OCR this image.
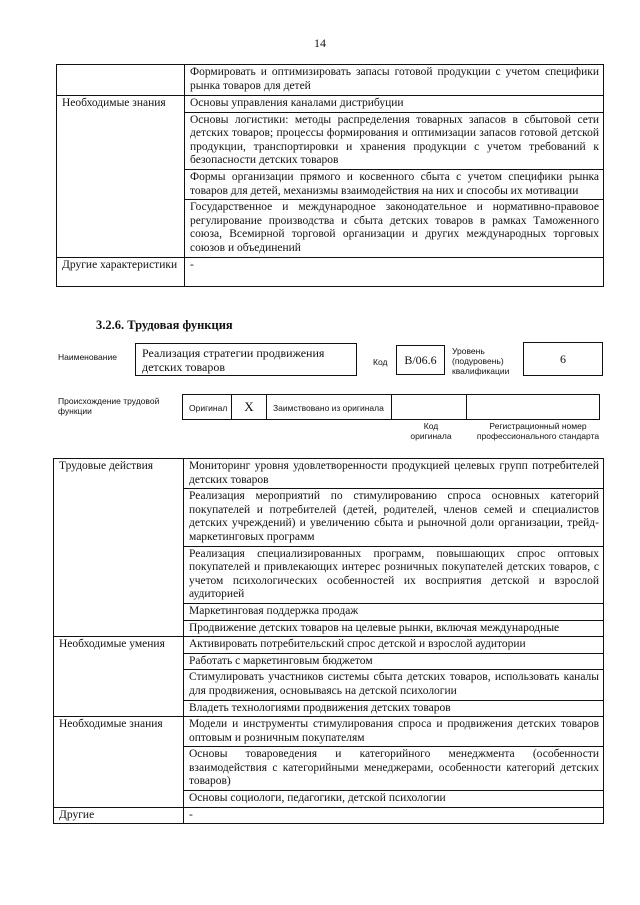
14
	Формировать и оптимизировать запасы готовой продукции с учетом специфики рынка товаров для детей
Необходимые знания	Основы управления каналами дистрибуции
	Основы логистики: методы распределения товарных запасов в сбытовой сети детских товаров; процессы формирования и оптимизации запасов готовой детской продукции, транспортировки и хранения продукции с учетом требований к безопасности детских товаров
	Формы организации прямого и косвенного сбыта с учетом специфики рынка товаров для детей, механизмы взаимодействия на них и способы их мотивации
	Государственное и международное законодательное и нормативно-правовое регулирование производства и сбыта детских товаров в рамках Таможенного союза, Всемирной торговой организации и других международных торговых союзов и объединений
Другие характеристики	-
3.2.6. Трудовая функция
Наименование	Реализация стратегии продвижения детских товаров	Код	B/06.6
Уровень (подуровень) квалификации
6
Происхождение трудовой функции	Оригинал	X	Заимствовано из оригинала
Код оригинала
Регистрационный номер профессионального стандарта
Трудовые действия	Мониторинг уровня удовлетворенности продукцией целевых групп потребителей детских товаров
	Реализация мероприятий по стимулированию спроса основных категорий покупателей и потребителей (детей, родителей, членов семей и специалистов детских учреждений) и увеличению сбыта и рыночной доли организации, трейд-маркетинговых программ
	Реализация специализированных программ, повышающих спрос оптовых покупателей и привлекающих интерес розничных покупателей детских товаров, с учетом психологических особенностей их восприятия детской и взрослой аудиторией
	Маркетинговая поддержка продаж
	Продвижение детских товаров на целевые рынки, включая международные
Необходимые умения	Активировать потребительский спрос детской и взрослой аудитории
	Работать с маркетинговым бюджетом
	Стимулировать участников системы сбыта детских товаров, использовать каналы для продвижения, основываясь на детской психологии
	Владеть технологиями продвижения детских товаров
Необходимые знания	Модели и инструменты стимулирования спроса и продвижения детских товаров оптовым и розничным покупателям
	Основы товароведения и категорийного менеджмента (особенности взаимодействия с категорийными менеджерами, особенности категорий детских товаров)
	Основы социологи, педагогики, детской психологии
Другие	-
